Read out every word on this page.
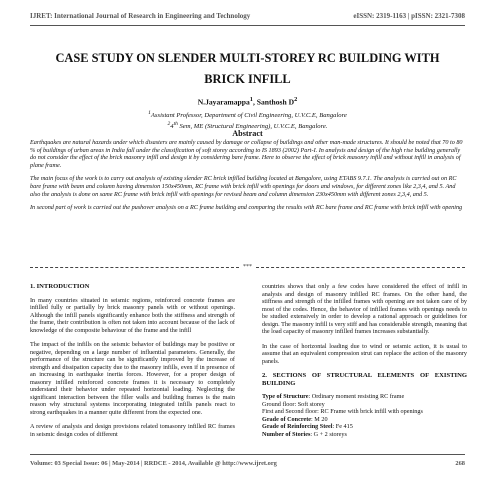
IJRET: International Journal of Research in Engineering and Technology	eISSN: 2319-1163 | pISSN: 2321-7308
CASE STUDY ON SLENDER MULTI-STOREY RC BUILDING WITH
BRICK INFILL
N.Jayaramappa$^1$, Santhosh $D^2$
$^1$Assistant Professor, Department of Civil Engineering, U.V.C.E, Bangalore
$^2$4th Sem, ME (Structural Engineering), U.V.C.E, Bangalore.
Abstract

Earthquakes are natural hazards under which disasters are mainly caused by damage or collapse of buildings and other man-made structures. It should be noted that 70 to 80 % of buildings of urban areas in India fall under the classification of soft storey according to IS 1893 (2002) Part-I. In analysis and design of the high rise building generally do not consider the effect of the brick masonry infill and design it by considering bare frame. Here to observe the effect of brick masonry infill and without infill in analysis of plane frame.

The main focus of the work is to carry out analysis of existing slender RC brick infilled building located at Bangalore, using ETABS 9.7.1. The analysis is carried out on RC bare frame with beam and column having dimension 150x450mm, RC frame with brick infill with openings for doors and windows, for different zones like 2,3,4, and 5. And also the analysis is done on same RC frame with brick infill with openings for revised beam and column dimension 230x450mm with different zones 2,3,4, and 5.

In second part of work is carried out the pushover analysis on a RC frame building and comparing the results with RC bare frame and RC frame with brick infill with opening

***
1. INTRODUCTION

In many countries situated in seismic regions, reinforced concrete frames are infilled fully or partially by brick masonry panels with or without openings. Although the infill panels significantly enhance both the stiffness and strength of the frame, their contribution is often not taken into account because of the lack of knowledge of the composite behaviour of the frame and the infill

The impact of the infills on the seismic behavior of buildings may be positive or negative, depending on a large number of influential parameters. Generally, the performance of the structure can be significantly improved by the increase of strength and dissipation capacity due to the masonry infills, even if in presence of an increasing in earthquake inertia forces. However, for a proper design of masonry infilled reinforced concrete frames it is necessary to completely understand their behavior under repeated horizontal loading. Neglecting the significant interaction between the filler walls and building frames is the main reason why structural systems incorporating integrated infills panels react to strong earthquakes in a manner quite different from the expected one.

A review of analysis and design provisions related tomasonry infilled RC frames in seismic design codes of different

countries shows that only a few codes have considered the effect of infill in analysis and design of masonry infilled RC frames. On the other hand, the stiffness and strength of the infilled frames with opening are not taken care of by most of the codes. Hence, the behavior of infilled frames with openings needs to be studied extensively in order to develop a rational approach or guidelines for design. The masonry infill is very stiff and has considerable strength, meaning that the load capacity of masonry infilled frames increases substantially.

In the case of horizontal loading due to wind or seismic action, it is usual to assume that an equivalent compression strut can replace the action of the masonry panels.

2. SECTIONS OF STRUCTURAL ELEMENTS OF EXISTING BUILDING
Type of Structure: Ordinary moment resisting RC frame
Ground floor: Soft storey
First and Second floor: RC Frame with brick infill with openings
Grade of Concrete: M 20
Grade of Reinforcing Steel: Fe 415
Number of Stories: G + 2 storeys
Volume: 03 Special Issue: 06 | May-2014 | RRDCE - 2014, Available @ http://www.ijret.org	268
